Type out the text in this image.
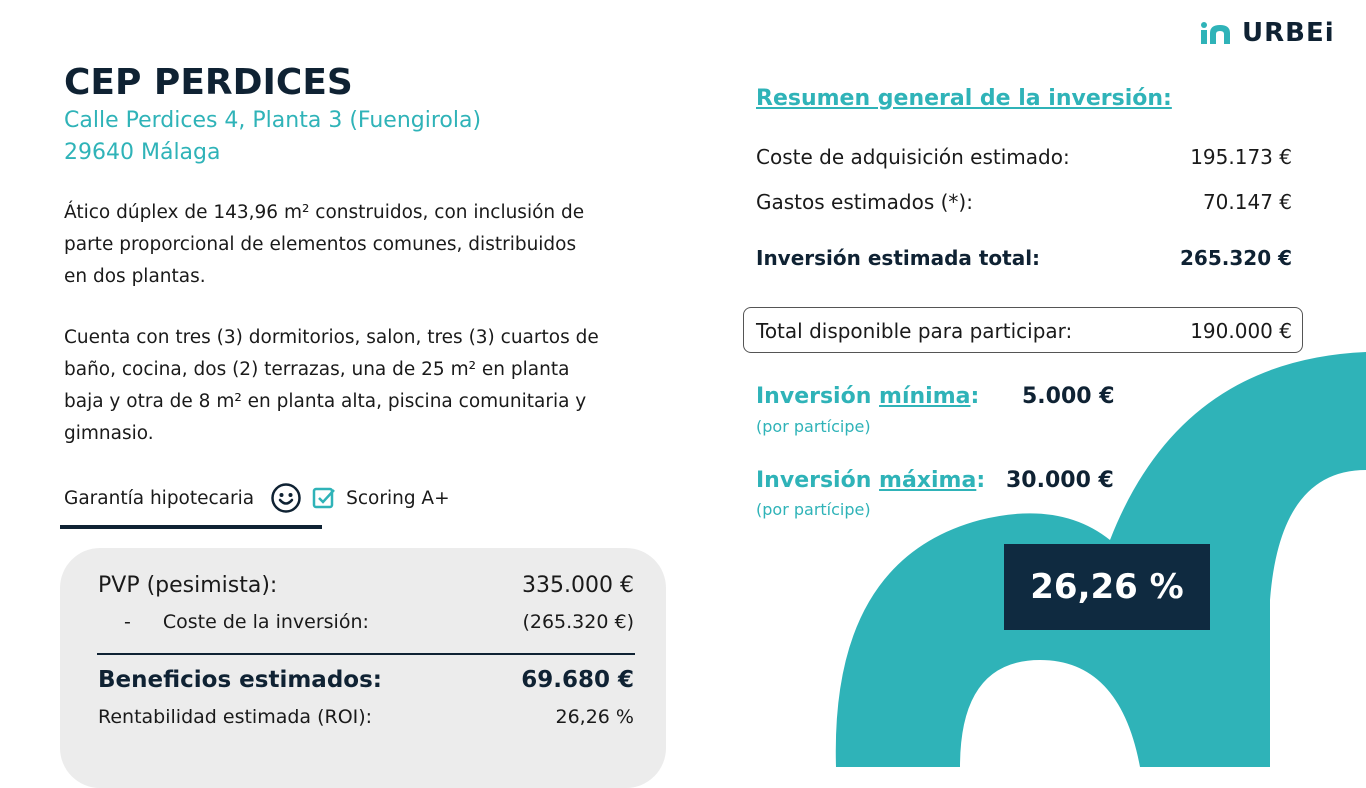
URBEi
CEP PERDICES
Calle Perdices 4, Planta 3 (Fuengirola)
29640 Málaga
Ático dúplex de 143,96 m² construidos, con inclusión de
parte proporcional de elementos comunes, distribuidos
en dos plantas.
Cuenta con tres (3) dormitorios, salon, tres (3) cuartos de
baño, cocina, dos (2) terrazas, una de 25 m² en planta
baja y otra de 8 m² en planta alta, piscina comunitaria y
gimnasio.
Garantía hipotecaria	Scoring A+
PVP (pesimista):	335.000 €
- Coste de la inversión:	(265.320 €)
Beneficios estimados:	69.680 €
Rentabilidad estimada (ROI):	26,26 %
Resumen general de la inversión:
Coste de adquisición estimado:	195.173 €
Gastos estimados (*):	70.147 €
Inversión estimada total:	265.320 €
Total disponible para participar:	190.000 €
Inversión mínima: 5.000 €
(por partícipe)
Inversión máxima: 30.000 €
(por partícipe)
26,26 %
